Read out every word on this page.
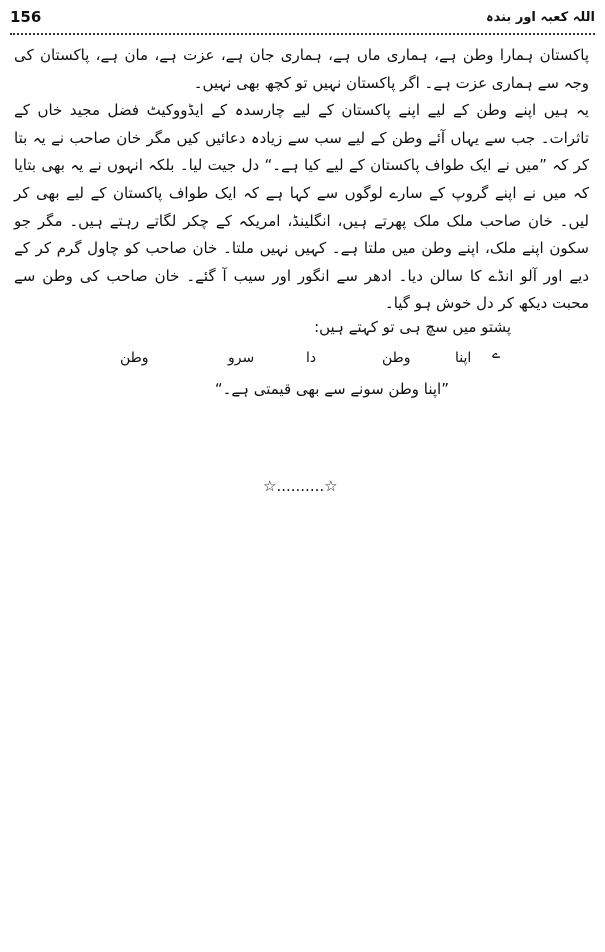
156	اللہ کعبہ اور بندہ

پاکستان ہمارا وطن ہے، ہماری ماں ہے، ہماری جان ہے، عزت ہے، مان ہے، پاکستان کی وجہ سے ہماری عزت ہے۔ اگر پاکستان نہیں تو کچھ بھی نہیں۔

یہ ہیں اپنے وطن کے لیے اپنے پاکستان کے لیے چارسدہ کے ایڈووکیٹ فضل مجید خاں کے تاثرات۔ جب سے یہاں آئے وطن کے لیے سب سے زیادہ دعائیں کیں مگر خان صاحب نے یہ بتا کر کہ ”میں نے ایک طواف پاکستان کے لیے کیا ہے۔“ دل جیت لیا۔ بلکہ انہوں نے یہ بھی بتایا کہ میں نے اپنے گروپ کے سارے لوگوں سے کہا ہے کہ ایک طواف پاکستان کے لیے بھی کر لیں۔ خان صاحب ملک ملک پھرتے ہیں، انگلینڈ، امریکہ کے چکر لگاتے رہتے ہیں۔ مگر جو سکون اپنے ملک، اپنے وطن میں ملتا ہے۔ کہیں نہیں ملتا۔ خان صاحب کو چاول گرم کر کے دیے اور آلو انڈے کا سالن دیا۔ ادھر سے انگور اور سیب آ گئے۔ خان صاحب کی وطن سے محبت دیکھ کر دل خوش ہو گیا۔

پشتو میں سچ ہی تو کہتے ہیں:
وطن	سرو	دا	وطن	اپنا ے
”اپنا وطن سونے سے بھی قیمتی ہے۔“
☆..........☆
